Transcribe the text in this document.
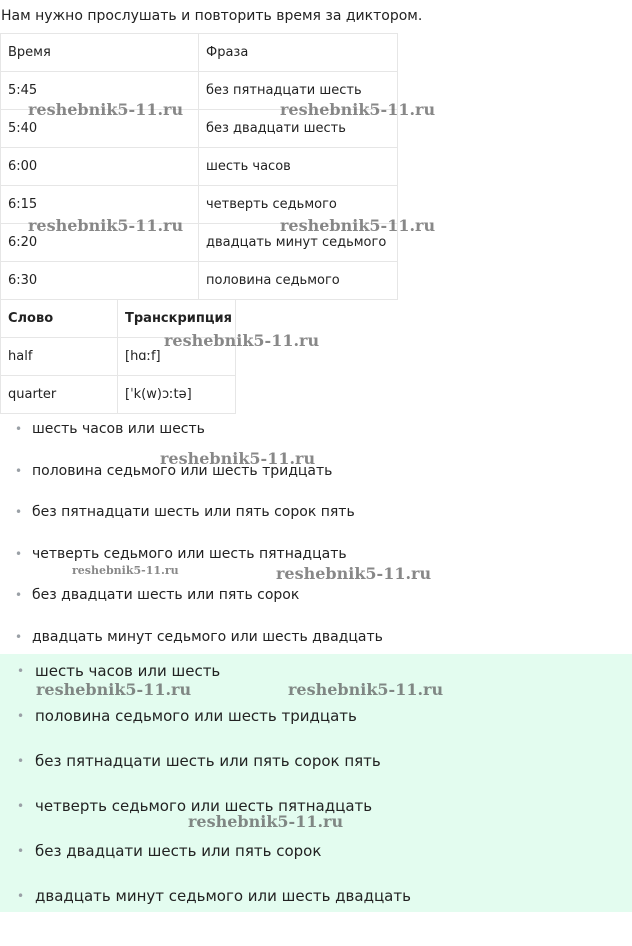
Нам нужно прослушать и повторить время за диктором.
Время	Фраза
5:45	без пятнадцати шесть
5:40	без двадцати шесть
6:00	шесть часов
6:15	четверть седьмого
6:20	двадцать минут седьмого
6:30	половина седьмого
Слово	Транскрипция
half	[hɑːf]
quarter	[ˈk(w)ɔːtə]
• шесть часов или шесть
• половина седьмого или шесть тридцать
• без пятнадцати шесть или пять сорок пять
• четверть седьмого или шесть пятнадцать
• без двадцати шесть или пять сорок
• двадцать минут седьмого или шесть двадцать
• шесть часов или шесть
• половина седьмого или шесть тридцать
• без пятнадцати шесть или пять сорок пять
• четверть седьмого или шесть пятнадцать
• без двадцати шесть или пять сорок
• двадцать минут седьмого или шесть двадцать
reshebnik5-11.ru	reshebnik5-11.ru
reshebnik5-11.ru	reshebnik5-11.ru
reshebnik5-11.ru
reshebnik5-11.ru
reshebnik5-11.ru	reshebnik5-11.ru
reshebnik5-11.ru	reshebnik5-11.ru
reshebnik5-11.ru
